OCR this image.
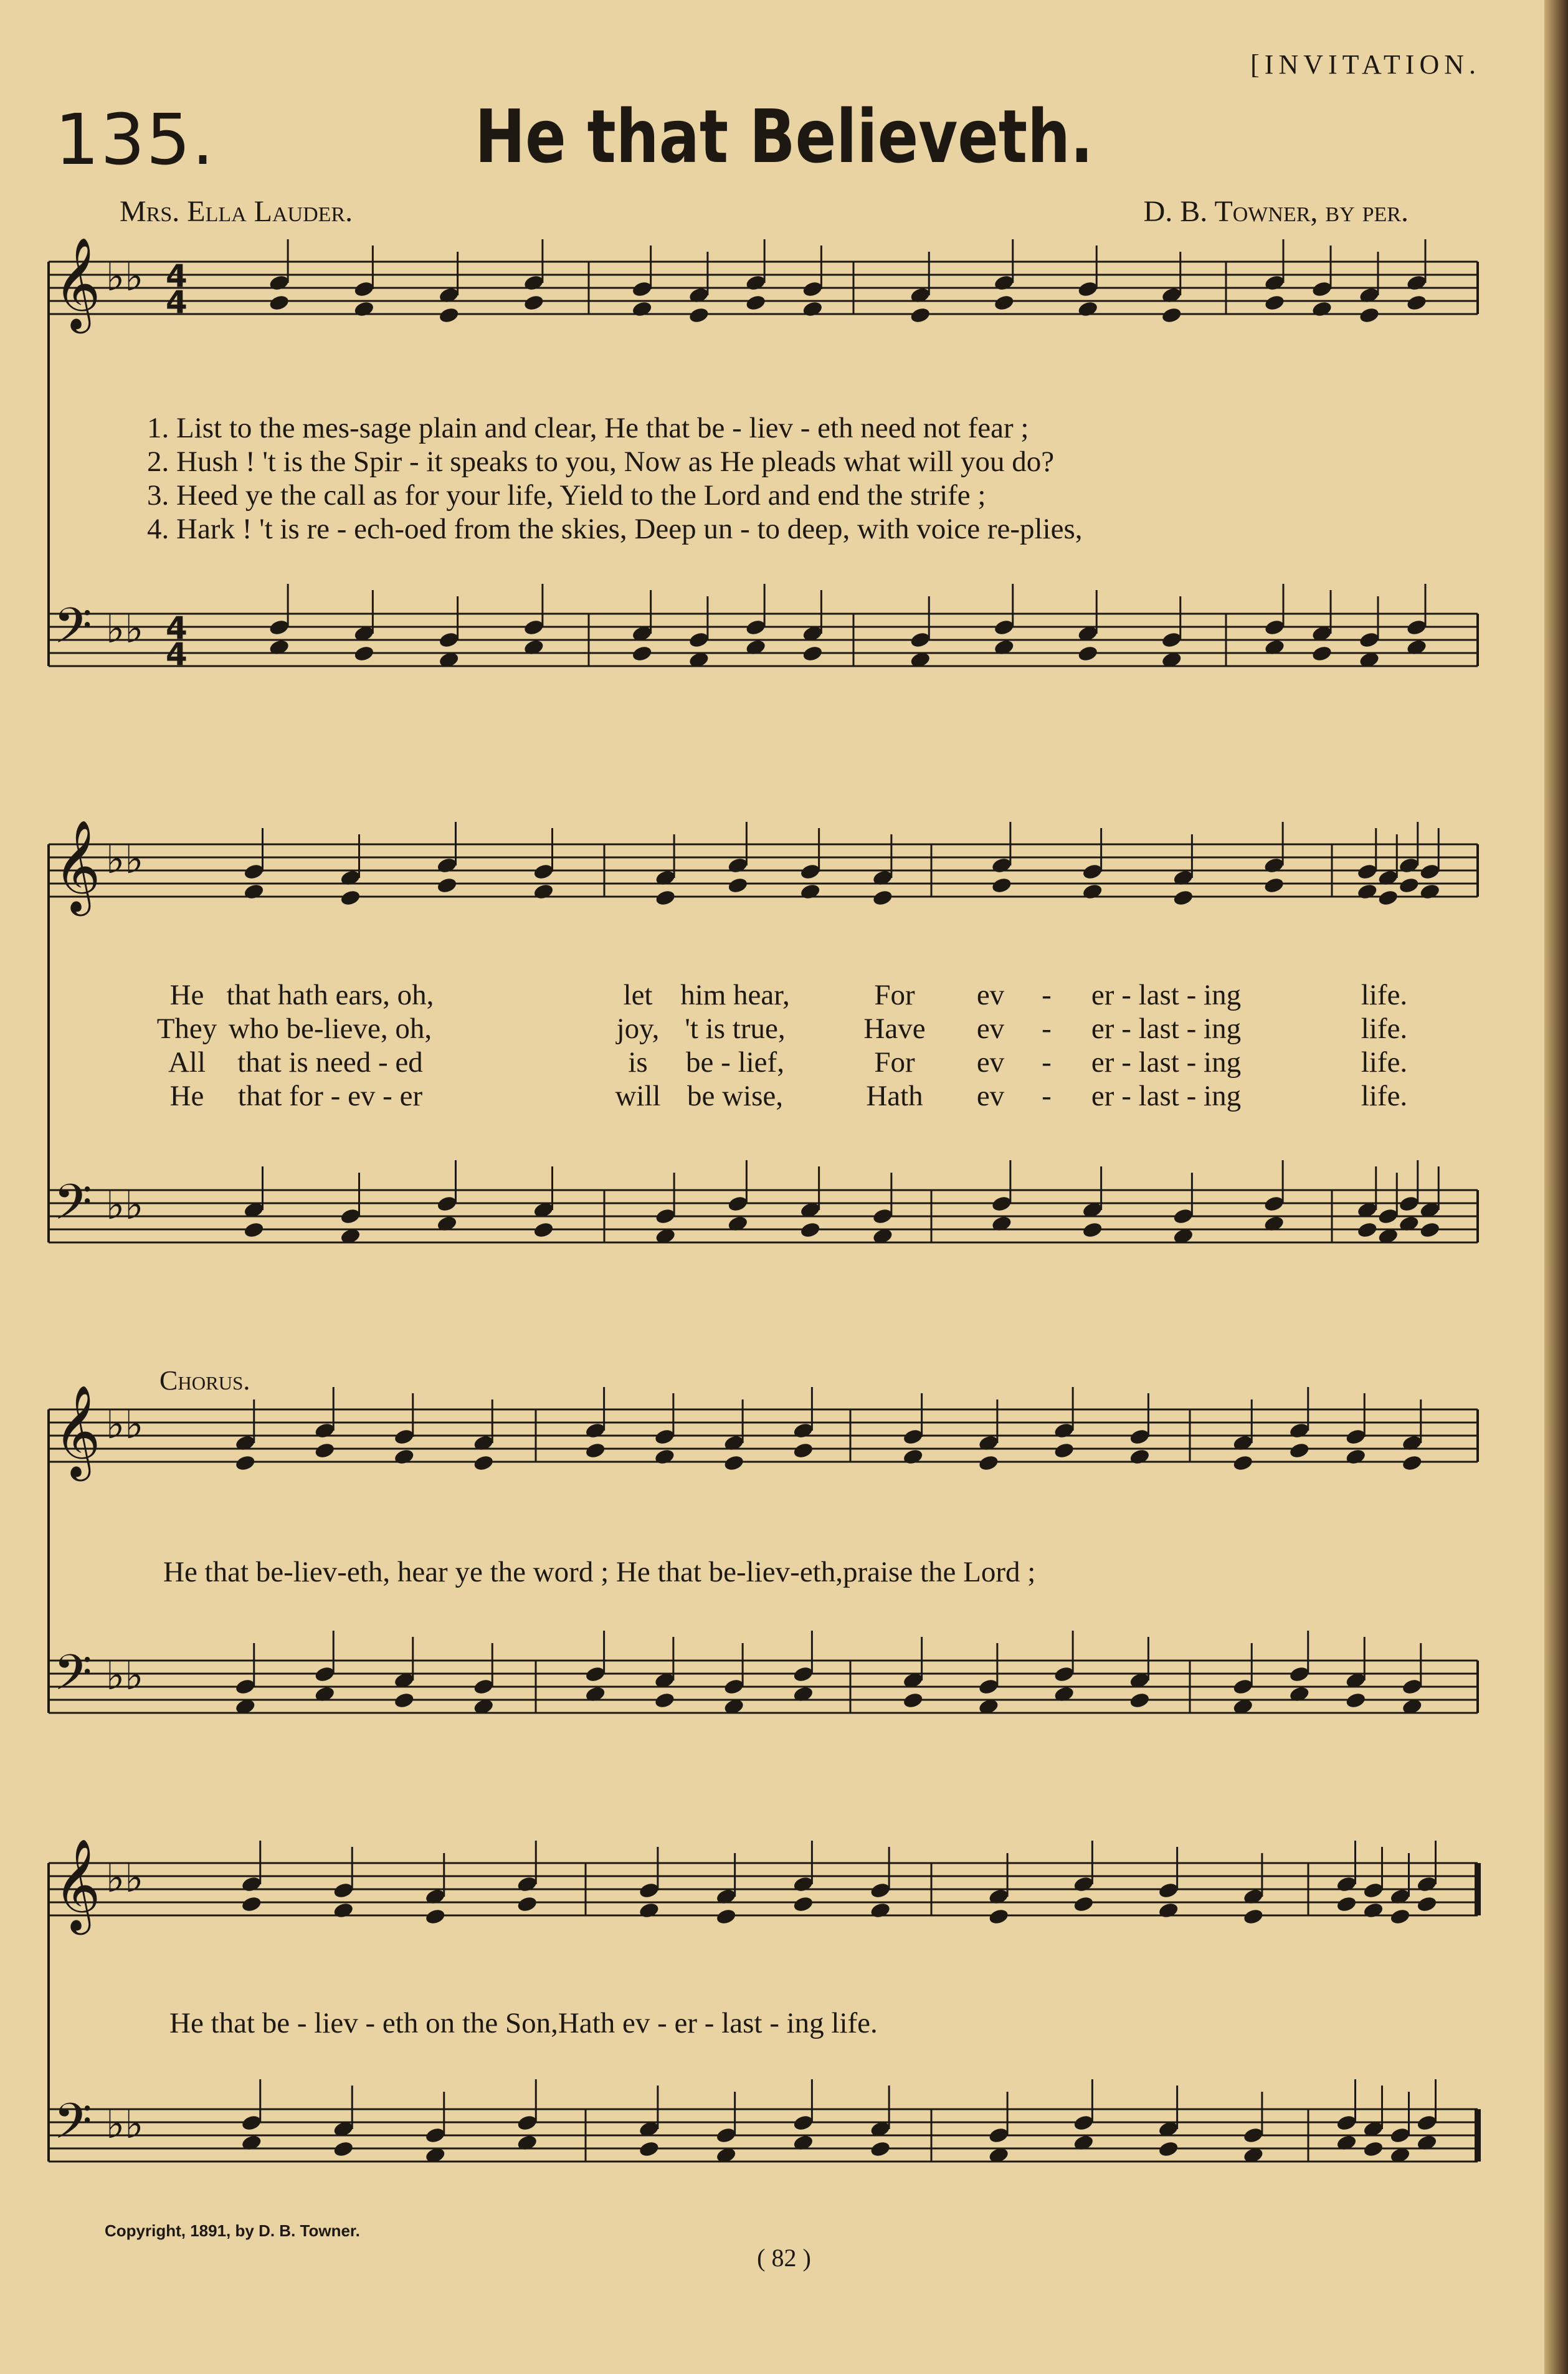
[INVITATION.
135.	He that Believeth.
Mrs. Ella Lauder.	D. B. Towner, by per.
𝄞 ♭♭ 4
4
𝄢 ♭♭ 4
4
𝄞 ♭♭
𝄢 ♭♭
𝄞 ♭♭
𝄢 ♭♭
𝄞 ♭♭
𝄢 ♭♭
1. List to the mes-sage plain and clear, He that be - liev - eth need not fear ;
2. Hush ! 't is the Spir - it speaks to you, Now as He pleads what will you do?
3. Heed ye the call as for your life, Yield to the Lord and end the strife ;
4. Hark ! 't is re - ech-oed from the skies, Deep un - to deep, with voice re-plies,
He that hath ears, oh,	let him hear,	For ev - er - last - ing	life.
They who be-lieve, oh,	joy, 't is true,	Have ev - er - last - ing	life.
All that is need - ed	is be - lief,	For ev - er - last - ing	life.
He that for - ev - er	will be wise,	Hath ev - er - last - ing	life.
Chorus.
He that be-liev-eth, hear ye the word ; He that be-liev-eth,praise the Lord ;
He that be - liev - eth on the Son,Hath ev - er - last - ing life.
Copyright, 1891, by D. B. Towner.
( 82 )
